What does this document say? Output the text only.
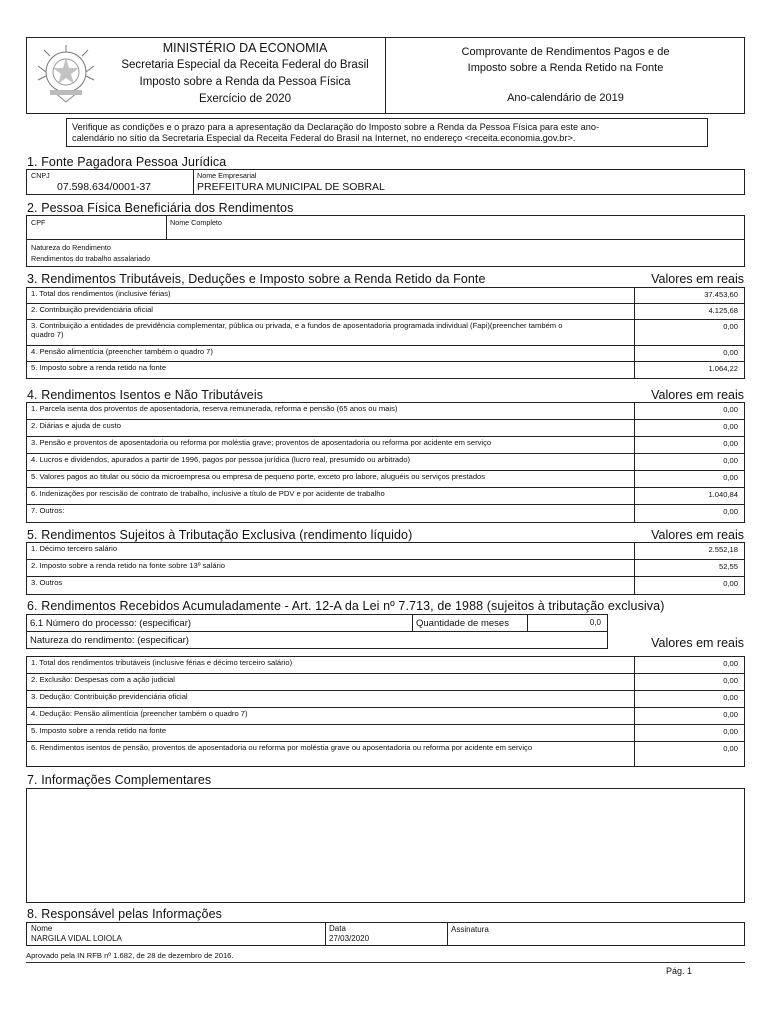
MINISTÉRIO DA ECONOMIA
Secretaria Especial da Receita Federal do Brasil
Imposto sobre a Renda da Pessoa Física
Exercício de 2020
Comprovante de Rendimentos Pagos e de
Imposto sobre a Renda Retido na Fonte
Ano-calendário de 2019
Verifique as condições e o prazo para a apresentação da Declaração do Imposto sobre a Renda da Pessoa Física para este ano-
calendário no sítio da Secretaria Especial da Receita Federal do Brasil na Internet, no endereço <receita.economia.gov.br>.
1. Fonte Pagadora Pessoa Jurídica
CNPJ
07.598.634/0001-37
Nome Empresarial
PREFEITURA MUNICIPAL DE SOBRAL
2. Pessoa Física Beneficiária dos Rendimentos
CPF	Nome Completo
Natureza do Rendimento
Rendimentos do trabalho assalariado
3. Rendimentos Tributáveis, Deduções e Imposto sobre a Renda Retido da Fonte	Valores em reais
1. Total dos rendimentos (inclusive férias)	37.453,60
2. Contribuição previdenciária oficial	4.125,68
3. Contribuição a entidades de previdência complementar, pública ou privada, e a fundos de aposentadoria programada individual (Fapi)(preencher também o quadro 7)
0,00
4. Pensão alimentícia (preencher também o quadro 7)	0,00
5. Imposto sobre a renda retido na fonte	1.064,22
4. Rendimentos Isentos e Não Tributáveis	Valores em reais
1. Parcela isenta dos proventos de aposentadoria, reserva remunerada, reforma e pensão (65 anos ou mais)	0,00
2. Diárias e ajuda de custo	0,00
3. Pensão e proventos de aposentadoria ou reforma por moléstia grave; proventos de aposentadoria ou reforma por acidente em serviço	0,00
4. Lucros e dividendos, apurados a partir de 1996, pagos por pessoa jurídica (lucro real, presumido ou arbitrado)	0,00
5. Valores pagos ao titular ou sócio da microempresa ou empresa de pequeno porte, exceto pro labore, aluguéis ou serviços prestados	0,00
6. Indenizações por rescisão de contrato de trabalho, inclusive a título de PDV e por acidente de trabalho	1.040,84
7. Outros:	0,00
5. Rendimentos Sujeitos à Tributação Exclusiva (rendimento líquido)	Valores em reais
1. Décimo terceiro salário	2.552,18
2. Imposto sobre a renda retido na fonte sobre 13º salário	52,55
3. Outros	0,00
6. Rendimentos Recebidos Acumuladamente - Art. 12-A da Lei nº 7.713, de 1988 (sujeitos à tributação exclusiva)
6.1 Número do processo: (especificar)	Quantidade de meses	0,0
Natureza do rendimento: (especificar)	Valores em reais
1. Total dos rendimentos tributáveis (inclusive férias e décimo terceiro salário)	0,00
2. Exclusão: Despesas com a ação judicial	0,00
3. Dedução: Contribuição previdenciária oficial	0,00
4. Dedução: Pensão alimentícia (preencher também o quadro 7)	0,00
5. Imposto sobre a renda retido na fonte	0,00
6. Rendimentos isentos de pensão, proventos de aposentadoria ou reforma por moléstia grave ou aposentadoria ou reforma por acidente em serviço	0,00
7. Informações Complementares
8. Responsável pelas Informações
Nome
NARGILA VIDAL LOIOLA
Data
27/03/2020
Assinatura
Aprovado pela IN RFB nº 1.682, de 28 de dezembro de 2016.
Pág. 1
